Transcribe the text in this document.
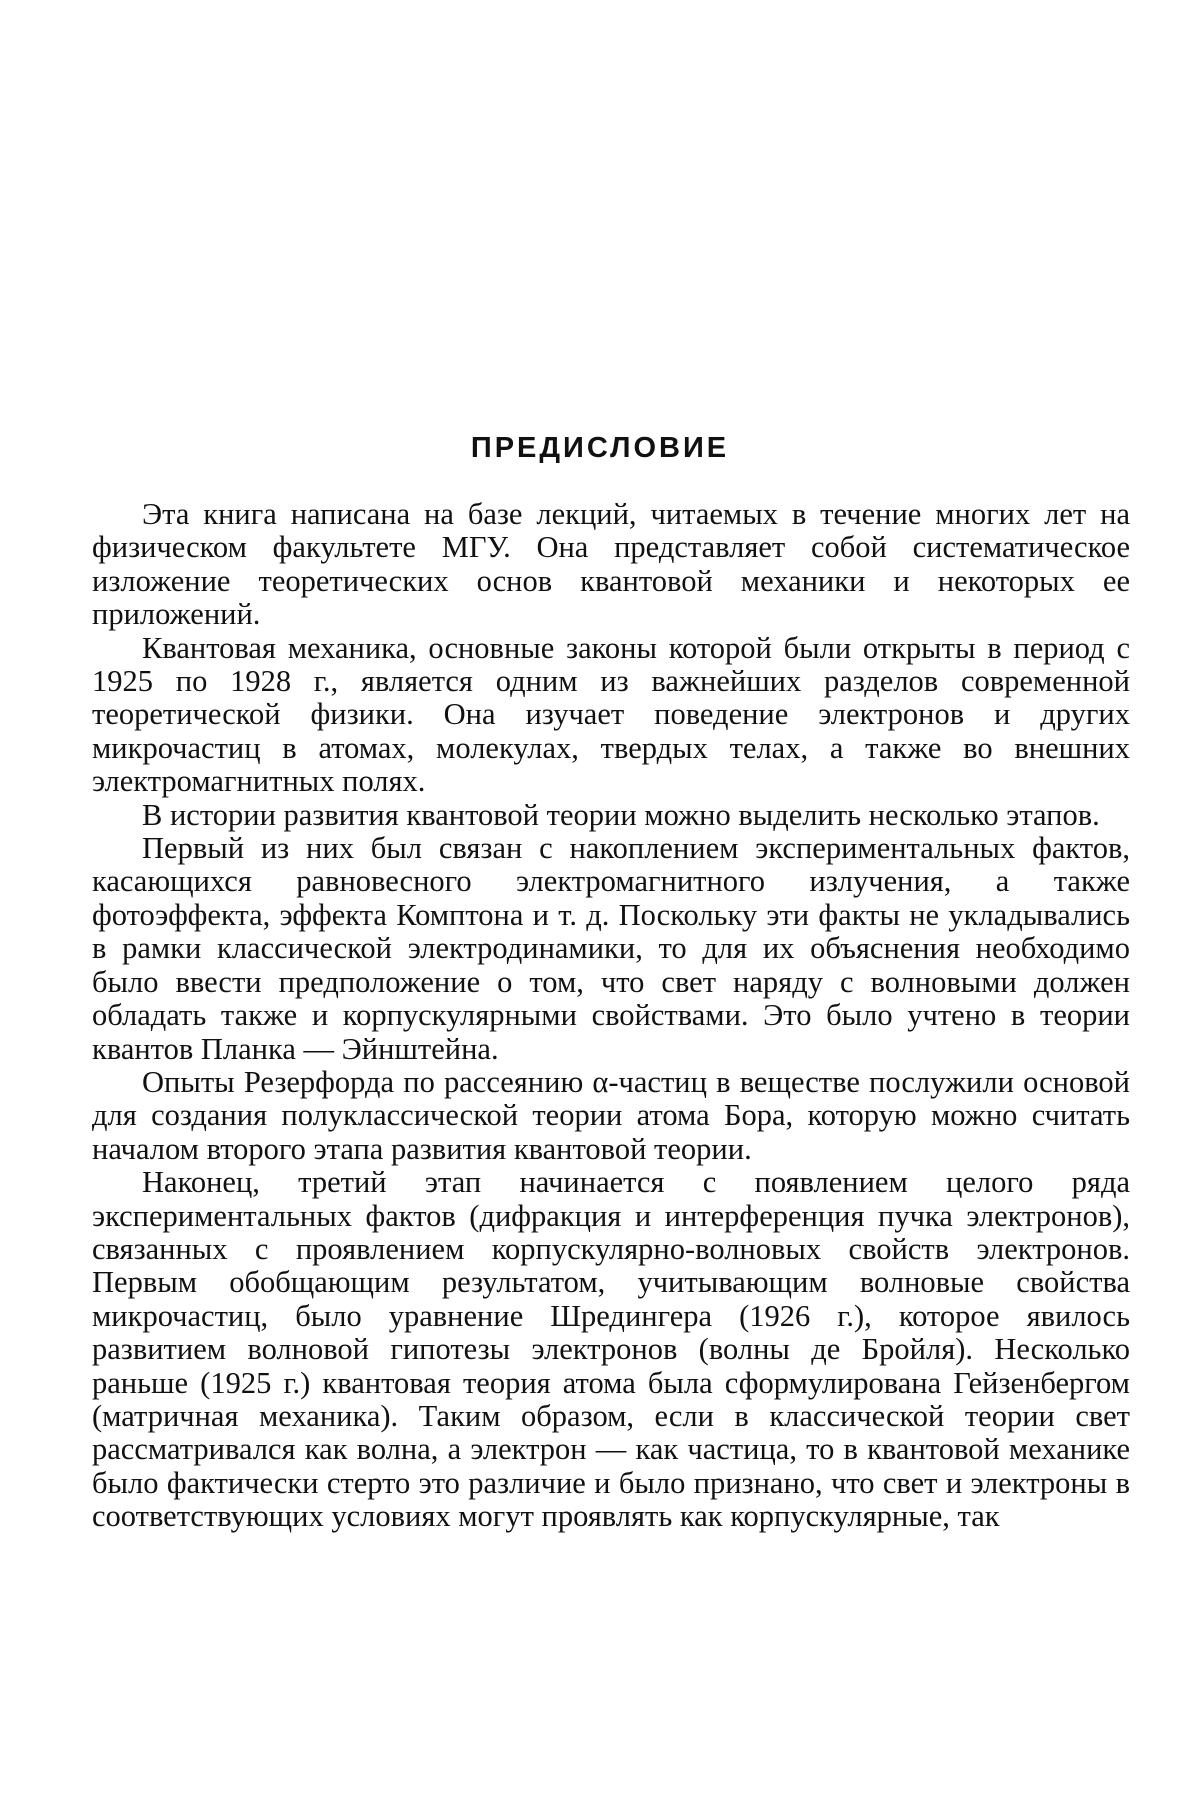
ПРЕДИСЛОВИЕ

Эта книга написана на базе лекций, читаемых в течение многих лет на физическом факультете МГУ. Она представляет собой систематическое изложение теоретических основ квантовой механики и некоторых ее приложений.

Квантовая механика, основные законы которой были открыты в период с 1925 по 1928 г., является одним из важнейших разделов современной теоретической физики. Она изучает поведение электронов и других микрочастиц в атомах, молекулах, твердых телах, а также во внешних электромагнитных полях.

В истории развития квантовой теории можно выделить несколько этапов.

Первый из них был связан с накоплением экспериментальных фактов, касающихся равновесного электромагнитного излучения, а также фотоэффекта, эффекта Комптона и т. д. Поскольку эти факты не укладывались в рамки классической электродинамики, то для их объяснения необходимо было ввести предположение о том, что свет наряду с волновыми должен обладать также и корпускулярными свойствами. Это было учтено в теории квантов Планка — Эйнштейна.

Опыты Резерфорда по рассеянию α-частиц в веществе послужили основой для создания полуклассической теории атома Бора, которую можно считать началом второго этапа развития квантовой теории.

Наконец, третий этап начинается с появлением целого ряда экспериментальных фактов (дифракция и интерференция пучка электронов), связанных с проявлением корпускулярно-волновых свойств электронов. Первым обобщающим результатом, учитывающим волновые свойства микрочастиц, было уравнение Шредингера (1926 г.), которое явилось развитием волновой гипотезы электронов (волны де Бройля). Несколько раньше (1925 г.) квантовая теория атома была сформулирована Гейзенбергом (матричная механика). Таким образом, если в классической теории свет рассматривался как волна, а электрон — как частица, то в квантовой механике было фактически стерто это различие и было признано, что свет и электроны в соответствующих условиях могут проявлять как корпускулярные, так
